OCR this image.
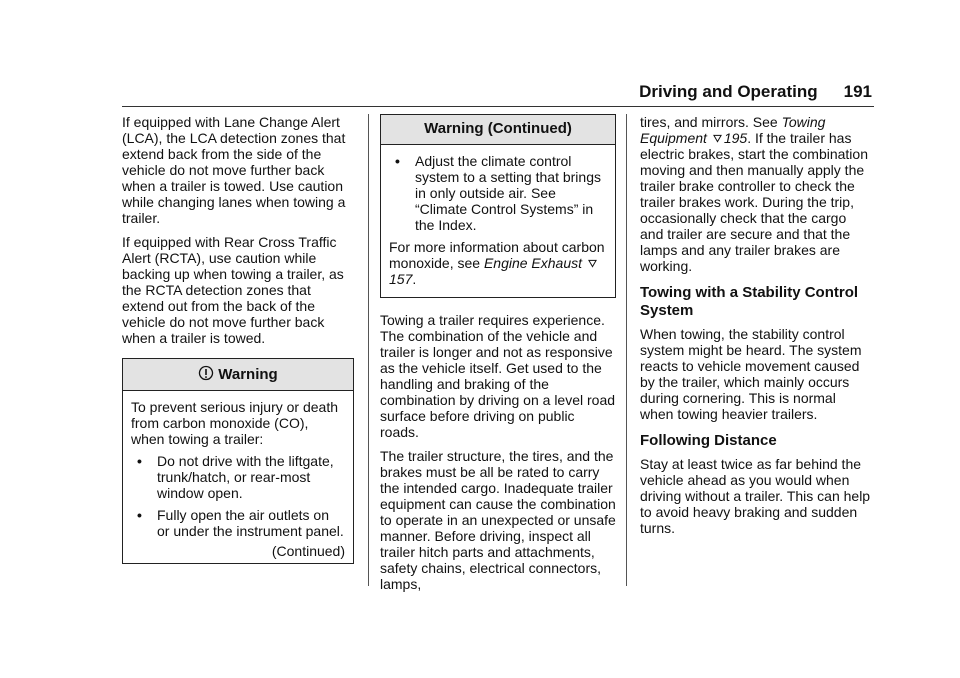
Driving and Operating 191

If equipped with Lane Change Alert (LCA), the LCA detection zones that extend back from the side of the vehicle do not move further back when a trailer is towed. Use caution while changing lanes when towing a trailer.

If equipped with Rear Cross Traffic Alert (RCTA), use caution while backing up when towing a trailer, as the RCTA detection zones that extend out from the back of the vehicle do not move further back when a trailer is towed.

Warning

To prevent serious injury or death from carbon monoxide (CO), when towing a trailer:

•	Do not drive with the liftgate, trunk/hatch, or rear-most window open.
•	Fully open the air outlets on or under the instrument panel.
(Continued)
Warning (Continued)
•	Adjust the climate control system to a setting that brings in only outside air. See “Climate Control Systems” in the Index.

For more information about carbon monoxide, see Engine Exhaust 157.

Towing a trailer requires experience. The combination of the vehicle and trailer is longer and not as responsive as the vehicle itself. Get used to the handling and braking of the combination by driving on a level road surface before driving on public roads.

The trailer structure, the tires, and the brakes must be all be rated to carry the intended cargo. Inadequate trailer equipment can cause the combination to operate in an unexpected or unsafe manner. Before driving, inspect all trailer hitch parts and attachments, safety chains, electrical connectors, lamps,

tires, and mirrors. See Towing Equipment 195. If the trailer has electric brakes, start the combination moving and then manually apply the trailer brake controller to check the trailer brakes work. During the trip, occasionally check that the cargo and trailer are secure and that the lamps and any trailer brakes are working.

Towing with a Stability Control System

When towing, the stability control system might be heard. The system reacts to vehicle movement caused by the trailer, which mainly occurs during cornering. This is normal when towing heavier trailers.

Following Distance

Stay at least twice as far behind the vehicle ahead as you would when driving without a trailer. This can help to avoid heavy braking and sudden turns.
